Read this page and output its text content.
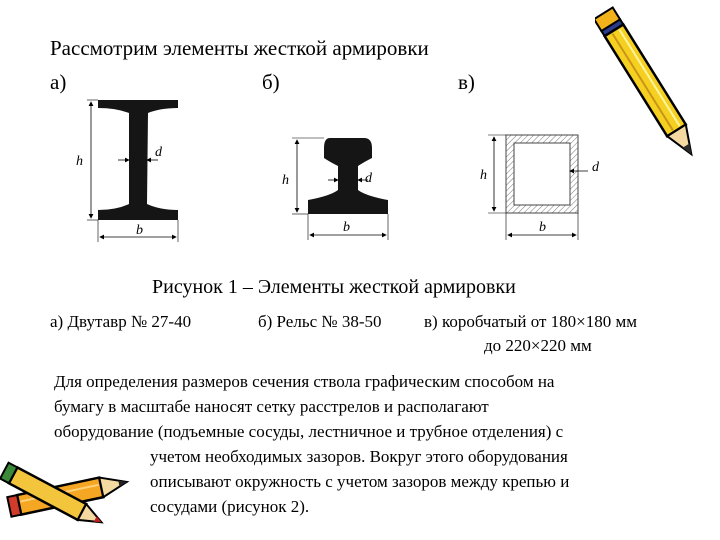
Рассмотрим элементы жесткой армировки
а)	б)	в)
h
d
b
h	d
b
h
d
b
Рисунок 1 – Элементы жесткой армировки
а) Двутавр № 27-40	б) Рельс № 38-50	в) коробчатый от 180×180 мм
до 220×220 мм
Для определения размеров сечения ствола графическим способом на
бумагу в масштабе наносят сетку расстрелов и располагают
оборудование (подъемные сосуды, лестничное и трубное отделения) с
учетом необходимых зазоров. Вокруг этого оборудования
описывают окружность с учетом зазоров между крепью и
сосудами (рисунок 2).
